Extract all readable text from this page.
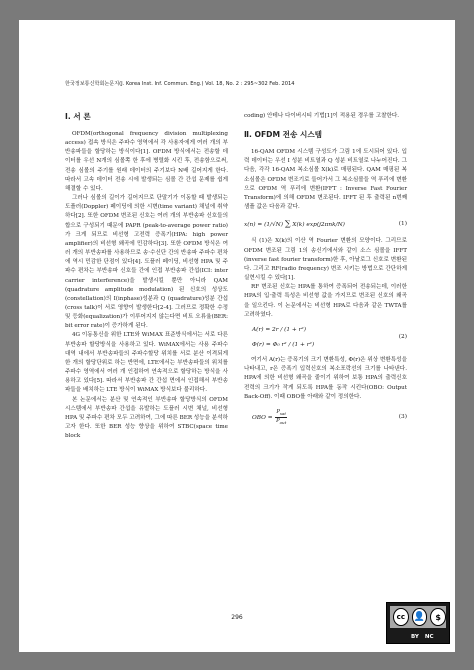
한국정보통신학회논문지(J. Korea Inst. Inf. Commun. Eng.) Vol. 18, No. 2 : 295~302 Feb. 2014
Ⅰ. 서 론

OFDM(orthogonal frequency division multiplexing access) 접속 방식은 주파수 영역에서 각 사용자에게 여러 개의 부반송파들을 할당하는 방식이다[1]. OFDM 방식에서는 전송할 데이터를 우선 N개의 심볼쪽 한 후에 병렬화 시킨 후, 전송함으로써, 전송 심볼의 주기를 원래 데이터의 주기보다 N배 길어지게 한다. 따라서 고속 데이터 전송 시에 발생되는 심볼 간 간섭 문제를 쉽게 해결할 수 있다.

그러나 심볼의 길이가 길어지므로 단말기가 이동할 때 발생되는 도플러(Doppler) 페이딩에 의한 시변(time variant) 채널에 취약하다[2]. 또한 OFDM 변조된 신호는 여러 개의 부반송파 신호들의 합으로 구성되기 때문에 PAPR (peak-to-average power ratio)가 크게 되므로 비선형 고전력 증폭기(HPA: high power amplifier)의 비선형 왜곡에 민감하다[3]. 또한 OFDM 방식은 여러 개의 부반송파를 사용하므로 송·수신단 간의 반송파 주파수 편차에 역시 민감한 단점이 있다[4]. 도플러 페이딩, 비선형 HPA 및 주파수 편차는 부반송파 신호들 간에 인접 부반송파 간섭(ICI: inter carrier interference)을 발생시킬 뿐만 아니라 QAM (quadrature amplitude modulation) 된 신호의 성상도(constellation)의 I(inphase)성분과 Q (quadrature)성분 간섭(cross talk)이 서로 영향이 발생한다[2-4]. 그러므로 정확한 수정 및 등화(equalization)가 이루어지지 않는다면 비트 오류율(BER: bit error rate)이 증가하게 된다.

4G 이동통신을 위한 LTE와 WiMAX 표준방식에서는 서로 다른 부반송파 할당방식을 사용하고 있다. WiMAX에서는 사용 주파수 대역 내에서 부반송파들의 주파수할당 위치를 서로 분산 이격되게 한 개의 할당단위로 하는 반면에, LTE에서는 부반송파들의 위치를 주파수 영역에서 여러 개 인접하여 연속적으로 할당하는 방식을 사용하고 있다[5]. 따라서 부반송파 간 간섭 면에서 인접해서 부반송파들을 배치하는 LTE 방식이 WiMAX 방식보다 불리하다.

본 논문에서는 분산 및 연속적인 부반송파 할당방식의 OFDM 시스템에서 부반송파 간섭을 유발하는 도플러 시변 채널, 비선형 HPA 및 주파수 편차 모두 고려하여, 그에 따른 BER 성능을 분석하고자 한다. 또한 BER 성능 향상을 위하여 STBC(space time block

coding) 안테나 다이버시티 기법[1]이 적용된 경우를 고찰한다.

Ⅱ. OFDM 전송 시스템

16-QAM OFDM 시스템 구성도가 그림 1에 도시되어 있다. 입력 데이터는 우선 I 성분 비트열과 Q 성분 비트열로 나누어진다. 그 다음, 각각 16-QAM 복소심볼 X(k)로 매핑된다. QAM 매핑된 복소심볼은 OFDM 변조기로 들어가서 그 복소심볼들 역 푸리에 변환으로 OFDM 역 푸리에 변환(IFFT : Inverse Fast Fourier Transform)에 의해 OFDM 변조된다. IFFT 된 후 출력된 n번째 샘플 값은 다음과 같다.

x(n) = (1/√N) ∑ X(k) exp(j2πnk/N)	(1)

식 (1)은 X(k)의 이산 역 Fourier 변환의 모양이다. 그리므로 OFDM 변조된 그림 1의 송신기에서와 같이 소스 심볼을 IFFT (inverse fast fourier transform)한 후, 아날로그 신호로 변환된다. 그리고 RF(radio frequency) 변조 시키는 방법으로 간단하게 실현시킬 수 있다[1].

RF 변조된 신호는 HPA를 통하여 증폭되어 전송되는데, 이러한 HPA의 입·출력 특성은 비선형 값을 가지므로 변조된 신호의 왜곡을 일으킨다. 이 논문에서는 비선형 HPA로 다음과 같은 TWTA를 고려하였다.

A(r) = 2r / (1 + r²)
Φ(r) = Φ₀ r² / (1 + r²)
(2)

여기서 A(r)는 증폭기의 크기 변환특성, Φ(r)은 위상 변환특성을 나타내고, r은 증폭기 입력신호의 복소포락선의 크기를 나타낸다. HPA에 의한 비선형 왜곡을 줄이기 위하여 보통 HPA의 출력신호 전력의 크기가 작게 되도록 HPA를 동작 시킨다(OBO: Output Back-Off). 이때 OBO를 아래와 같이 정의한다.

OBO = $\frac{P_{sat}}{P_{out}}$	(3)
296	cc 👤	$
BY NC
